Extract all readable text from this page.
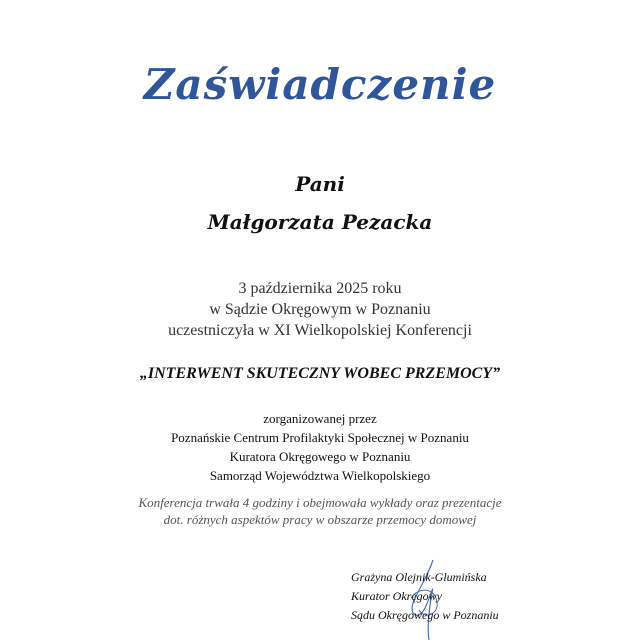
Zaświadczenie
Pani
Małgorzata Pezacka
3 października 2025 roku
w Sądzie Okręgowym w Poznaniu
uczestniczyła w XI Wielkopolskiej Konferencji
„INTERWENT SKUTECZNY WOBEC PRZEMOCY”
zorganizowanej przez
Poznańskie Centrum Profilaktyki Społecznej w Poznaniu
Kuratora Okręgowego w Poznaniu
Samorząd Województwa Wielkopolskiego
Konferencja trwała 4 godziny i obejmowała wykłady oraz prezentacje
dot. różnych aspektów pracy w obszarze przemocy domowej
Grażyna Olejnik-Glumińska
Kurator Okręgowy
Sądu Okręgowego w Poznaniu
